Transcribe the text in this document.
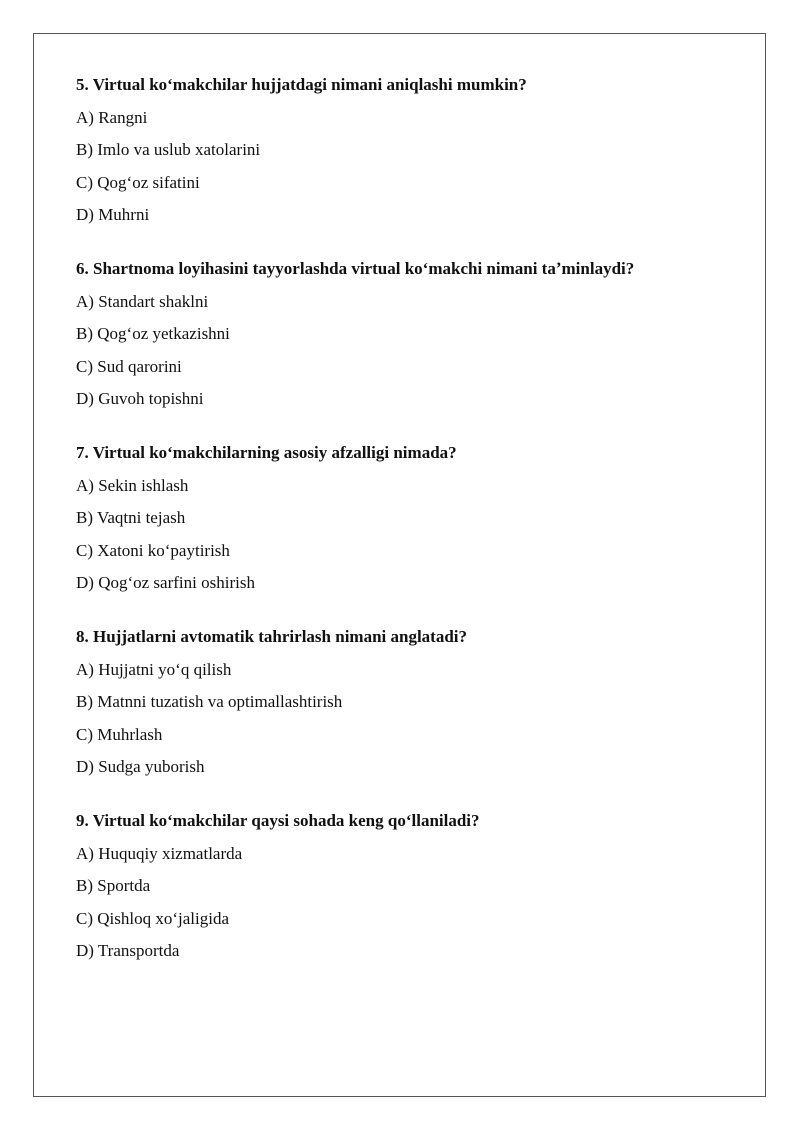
5. Virtual koʻmakchilar hujjatdagi nimani aniqlashi mumkin?
A) Rangni
B) Imlo va uslub xatolarini
C) Qogʻoz sifatini
D) Muhrni
6. Shartnoma loyihasini tayyorlashda virtual koʻmakchi nimani taʼminlaydi?
A) Standart shaklni
B) Qogʻoz yetkazishni
C) Sud qarorini
D) Guvoh topishni
7. Virtual koʻmakchilarning asosiy afzalligi nimada?
A) Sekin ishlash
B) Vaqtni tejash
C) Xatoni koʻpaytirish
D) Qogʻoz sarfini oshirish
8. Hujjatlarni avtomatik tahrirlash nimani anglatadi?
A) Hujjatni yoʻq qilish
B) Matnni tuzatish va optimallashtirish
C) Muhrlash
D) Sudga yuborish
9. Virtual koʻmakchilar qaysi sohada keng qoʻllaniladi?
A) Huquqiy xizmatlarda
B) Sportda
C) Qishloq xoʻjaligida
D) Transportda
